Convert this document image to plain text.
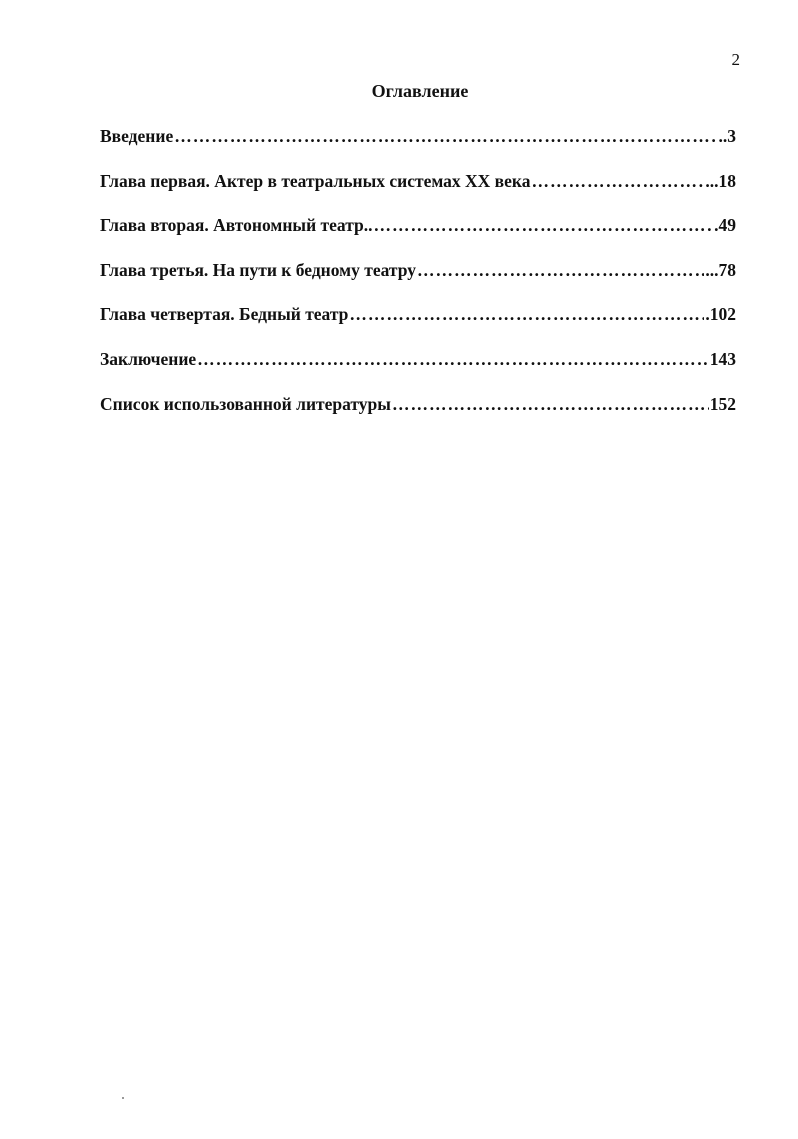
2
Оглавление
Введение ……………………………………………………………………………………………………………………………………………………	..3
Глава первая. Актер в театральных системах XX века ……………………………………………………………………………………………………………………………………………………	...18
Глава вторая. Автономный театр.. ……………………………………………………………………………………………………………………………………………………	.49
Глава третья. На пути к бедному театру ……………………………………………………………………………………………………………………………………………………	...78
Глава четвертая. Бедный театр ……………………………………………………………………………………………………………………………………………………	.102
Заключение ……………………………………………………………………………………………………………………………………………………	143
Список использованной литературы ……………………………………………………………………………………………………………………………………………………	152
